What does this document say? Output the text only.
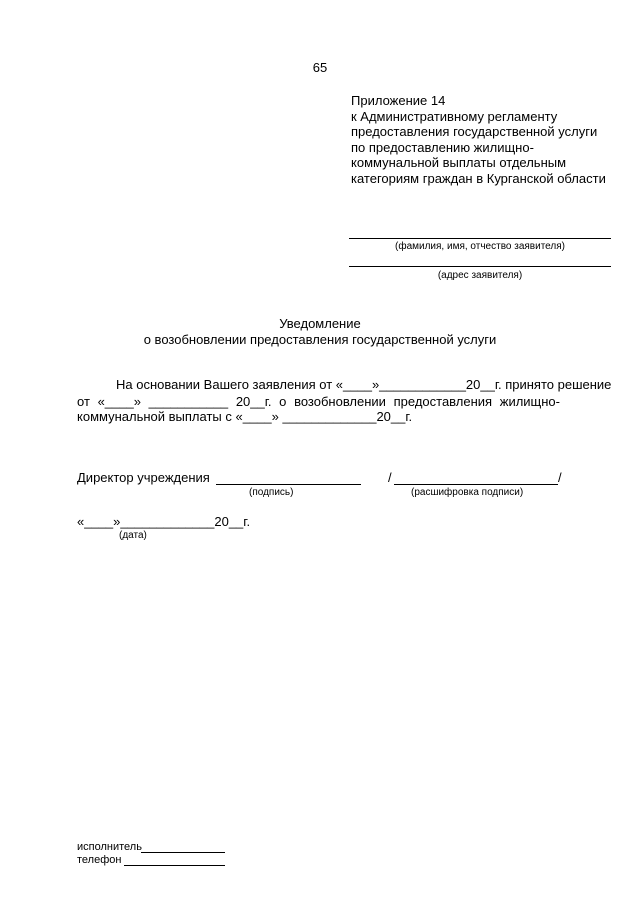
65
Приложение 14
к Административному регламенту
предоставления государственной услуги
по предоставлению жилищно-
коммунальной выплаты отдельным
категориям граждан в Курганской области
(фамилия, имя, отчество заявителя)
(адрес заявителя)
Уведомление
о возобновлении предоставления государственной услуги
На основании Вашего заявления от «____»____________20__г. принято решение
от «____» ___________ 20__г. о возобновлении предоставления жилищно-
коммунальной выплаты с «____» _____________20__г.
Директор учреждения	/	/
(подпись)	(расшифровка подписи)
«____»_____________20__г.
(дата)
исполнитель
телефон
